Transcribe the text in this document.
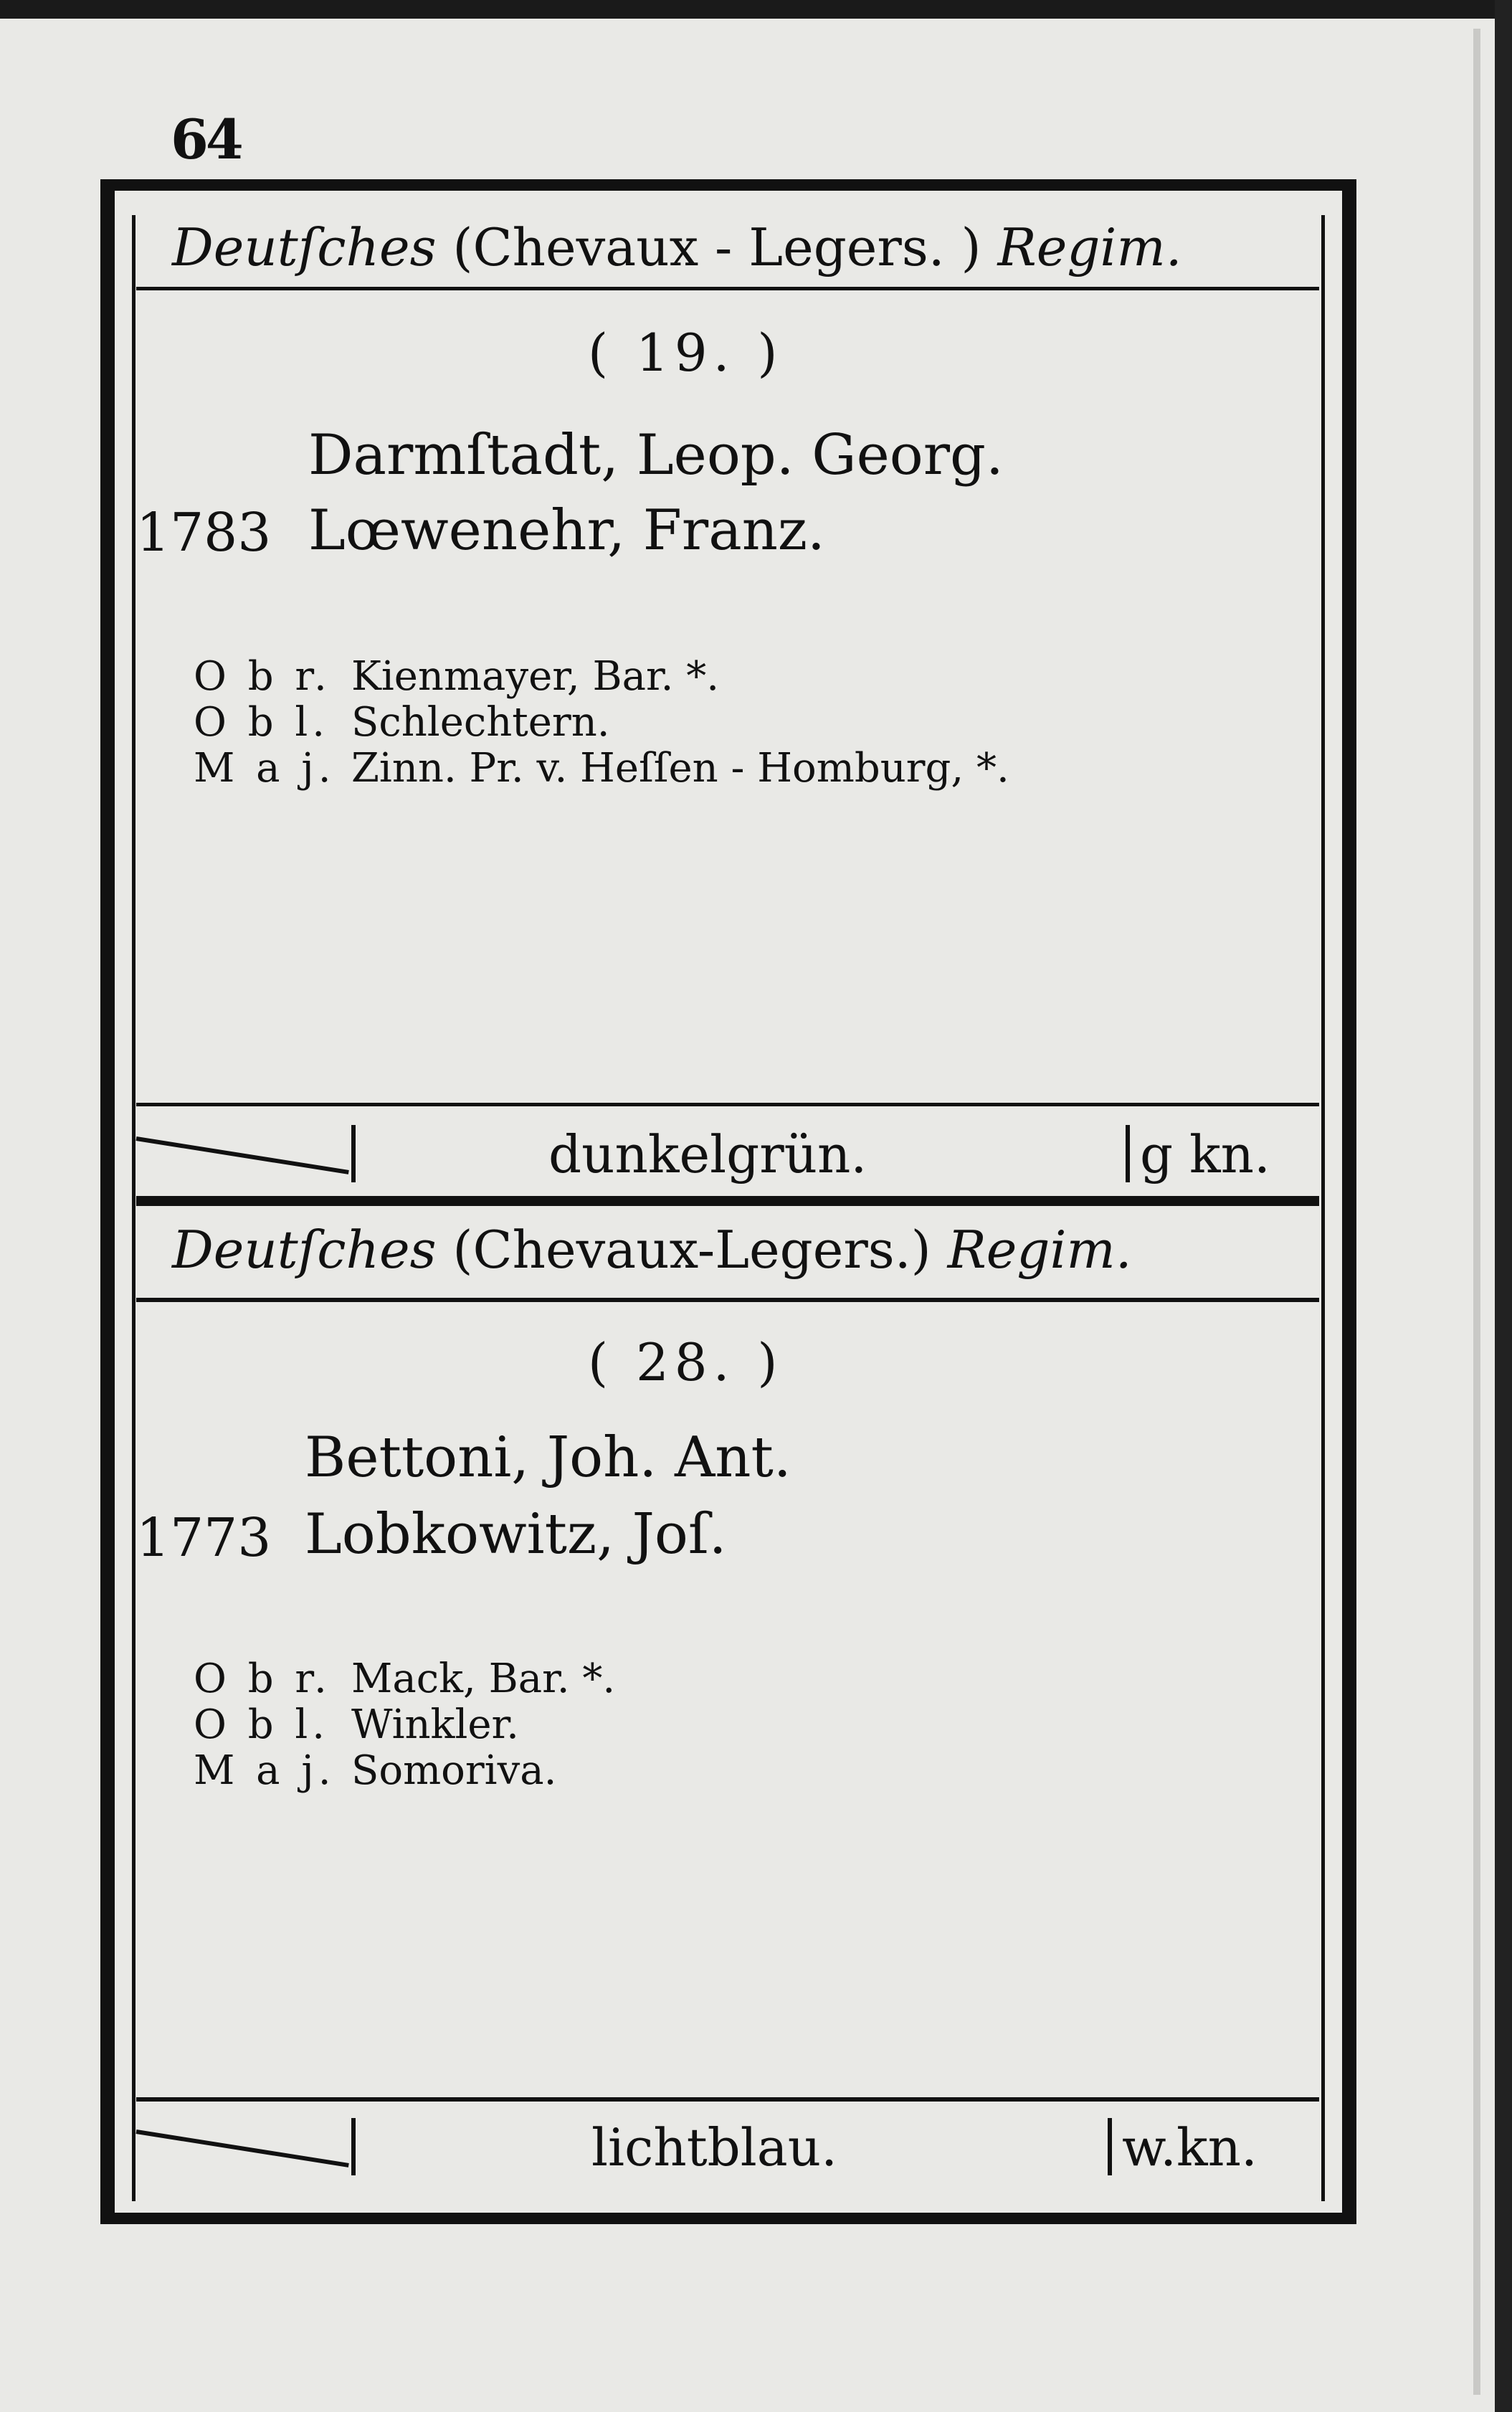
64
Deutſches (Chevaux - Legers. ) Regim.
( 19. )
Darmſtadt, Leop. Georg.
1783 Lœwenehr, Franz.
O b r. Kienmayer, Bar. *.
O b l. Schlechtern.
M a j. Zinn. Pr. v. Heſſen - Homburg, *.
dunkelgrün.	g kn.
Deutſches (Chevaux-Legers.) Regim.
( 28. )
Bettoni, Joh. Ant.
1773 Lobkowitz, Joſ.
O b r. Mack, Bar. *.
O b l. Winkler.
M a j. Somoriva.
lichtblau.	w.kn.
